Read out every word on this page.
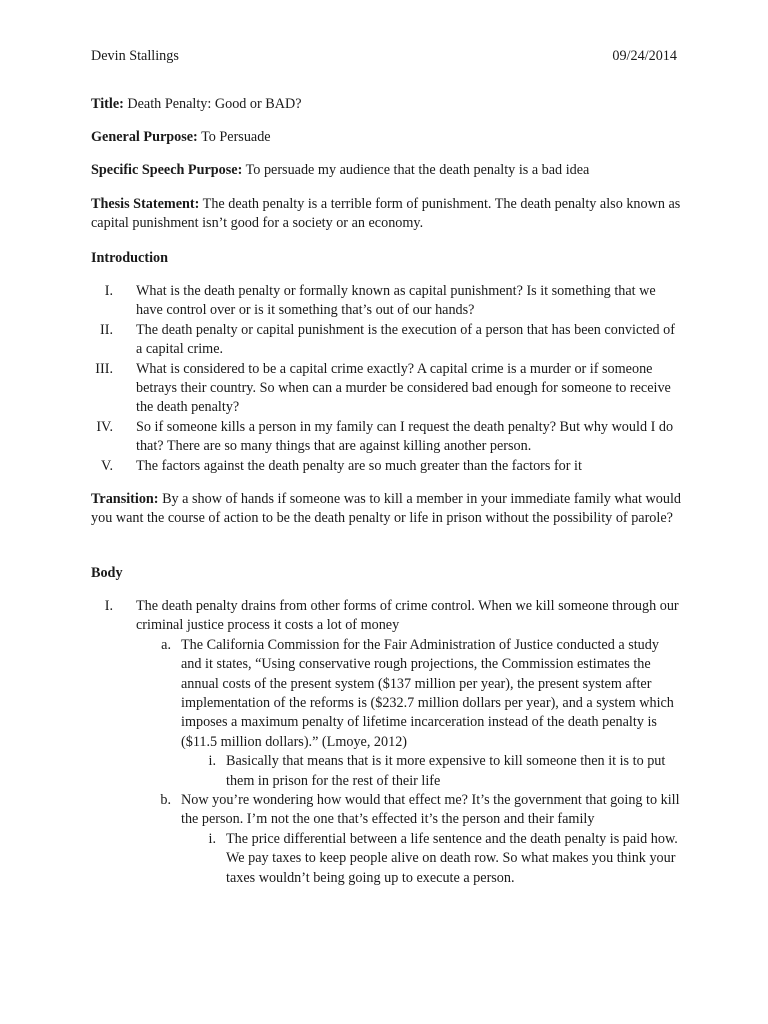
Devin Stallings	09/24/2014
Title: Death Penalty: Good or BAD?
General Purpose: To Persuade
Specific Speech Purpose: To persuade my audience that the death penalty is a bad idea
Thesis Statement: The death penalty is a terrible form of punishment. The death penalty also known as capital punishment isn’t good for a society or an economy.
Introduction
I. What is the death penalty or formally known as capital punishment? Is it something that we have control over or is it something that’s out of our hands?
II. The death penalty or capital punishment is the execution of a person that has been convicted of a capital crime.
III. What is considered to be a capital crime exactly? A capital crime is a murder or if someone betrays their country. So when can a murder be considered bad enough for someone to receive the death penalty?
IV. So if someone kills a person in my family can I request the death penalty? But why would I do that? There are so many things that are against killing another person.
V. The factors against the death penalty are so much greater than the factors for it
Transition: By a show of hands if someone was to kill a member in your immediate family what would you want the course of action to be the death penalty or life in prison without the possibility of parole?
Body
I. The death penalty drains from other forms of crime control. When we kill someone through our criminal justice process it costs a lot of money
a. The California Commission for the Fair Administration of Justice conducted a study and it states, “Using conservative rough projections, the Commission estimates the annual costs of the present system ($137 million per year), the present system after implementation of the reforms is ($232.7 million dollars per year), and a system which imposes a maximum penalty of lifetime incarceration instead of the death penalty is ($11.5 million dollars).” (Lmoye, 2012)
i. Basically that means that is it more expensive to kill someone then it is to put them in prison for the rest of their life
b. Now you’re wondering how would that effect me? It’s the government that going to kill the person. I’m not the one that’s effected it’s the person and their family
i. The price differential between a life sentence and the death penalty is paid how. We pay taxes to keep people alive on death row. So what makes you think your taxes wouldn’t being going up to execute a person.
